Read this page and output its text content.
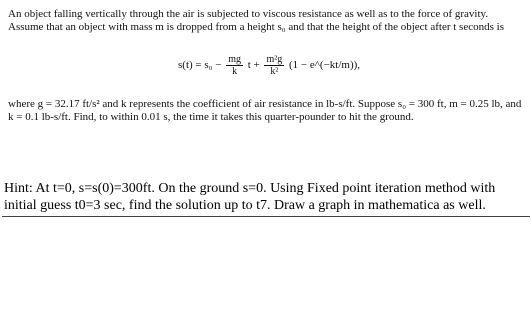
An object falling vertically through the air is subjected to viscous resistance as well as to the force of gravity. Assume that an object with mass m is dropped from a height s₀ and that the height of the object after t seconds is

$s(t) = s_0 - \frac{mg}{k}$ $t + \frac{\text{m²g}}{\text{k²}} (1$ − e^(−kt/m)),

where g = 32.17 ft/s² and k represents the coefficient of air resistance in lb-s/ft. Suppose s₀ = 300 ft, m = 0.25 lb, and k = 0.1 lb-s/ft. Find, to within 0.01 s, the time it takes this quarter-pounder to hit the ground.

Hint: At t=0, s=s(0)=300ft. On the ground s=0. Using Fixed point iteration method with initial guess t0=3 sec, find the solution up to t7. Draw a graph in mathematica as well.
